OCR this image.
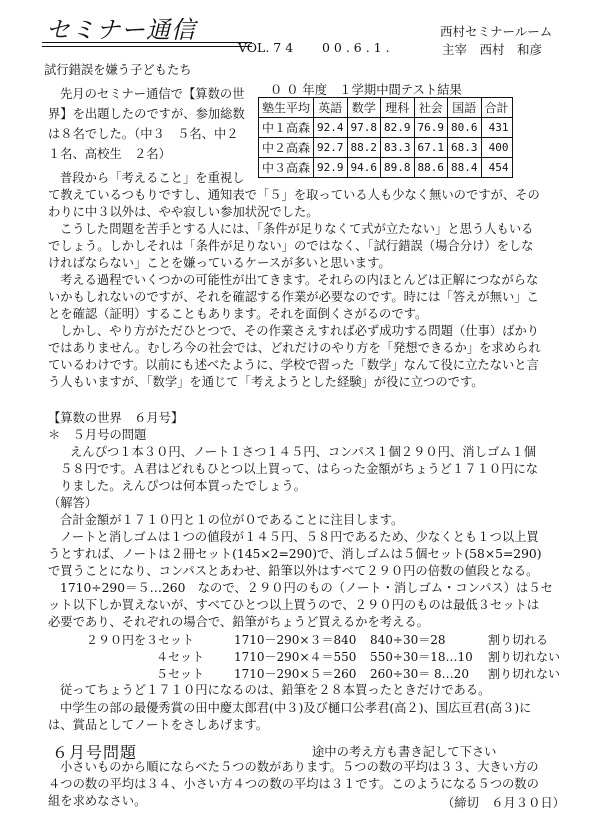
セミナー通信
VOL. 7 4 0 0 . 6 . 1 .
西村セミナールーム
主宰　西村　和彦
試行錯誤を嫌う子どもたち
先月のセミナー通信で【算数の世
界】を出題したのですが、参加総数
は８名でした。（中３　５名、中２
１名、高校生　２名）
０ ０ 年度　１学期中間テスト結果
塾生平均	英語	数学	理科	社会	国語	合計
中１高森	92.4	97.8	82.9	76.9	80.6	431
中２高森	92.7	88.2	83.3	67.1	68.3	400
中３高森	92.9	94.6	89.8	88.6	88.4	454
普段から「考えること」を重視し
て教えているつもりですし、通知表で「５」を取っている人も少なく無いのですが、その
わりに中３以外は、やや寂しい参加状況でした。
こうした問題を苦手とする人には、「条件が足りなくて式が立たない」と思う人もいる
でしょう。しかしそれは「条件が足りない」のではなく、「試行錯誤（場合分け）をしな
ければならない」ことを嫌っているケースが多いと思います。
考える過程でいくつかの可能性が出てきます。それらの内ほとんどは正解につながらな
いかもしれないのですが、それを確認する作業が必要なのです。時には「答えが無い」こ
とを確認（証明）することもあります。それを面倒くさがるのです。
しかし、やり方がただひとつで、その作業さえすれば必ず成功する問題（仕事）ばかり
ではありません。むしろ今の社会では、どれだけのやり方を「発想できるか」を求められ
ているわけです。以前にも述べたように、学校で習った「数学」なんて役に立たないと言
う人もいますが、「数学」を通じて「考えようとした経験」が役に立つのです。
【算数の世界　６月号】
＊　５月号の問題
えんぴつ１本３０円、ノート１さつ１４５円、コンパス１個２９０円、消しゴム１個
５８円です。Ａ君はどれもひとつ以上買って、はらった金額がちょうど１７１０円にな
りました。えんぴつは何本買ったでしょう。
（解答）
合計金額が１７１０円と１の位が０であることに注目します。
ノートと消しゴムは１つの値段が１４５円、５８円であるため、少なくとも１つ以上買
うとすれば、ノートは２冊セット(145×2=290)で、消しゴムは５個セット(58×5=290)
で買うことになり、コンパスとあわせ、鉛筆以外はすべて２９０円の倍数の値段となる。
1710÷290＝５…260　なので、２９０円のもの（ノート・消しゴム・コンパス）は５セ
ット以下しか買えないが、すべてひとつ以上買うので、２９０円のものは最低３セットは
必要であり、それぞれの場合で、鉛筆がちょうど買えるかを考える。
２９０円を３セット	1710－290×３＝840 840÷30＝28	割り切れる
４セット 1710－290×４＝550 550÷30＝18…10 割り切れない
５セット 1710－290×５＝260 260÷30＝ 8…20 割り切れない
従ってちょうど１７１０円になるのは、鉛筆を２８本買ったときだけである。
中学生の部の最優秀賞の田中慶太郎君(中３)及び樋口公孝君(高２)、国広亘君(高３)に
は、賞品としてノートをさしあげます。
６月号問題	途中の考え方も書き記して下さい
小さいものから順にならべた５つの数があります。５つの数の平均は３３、大きい方の
４つの数の平均は３４、小さい方４つの数の平均は３１です。このようになる５つの数の
組を求めなさい。	（締切　６月３０日）
